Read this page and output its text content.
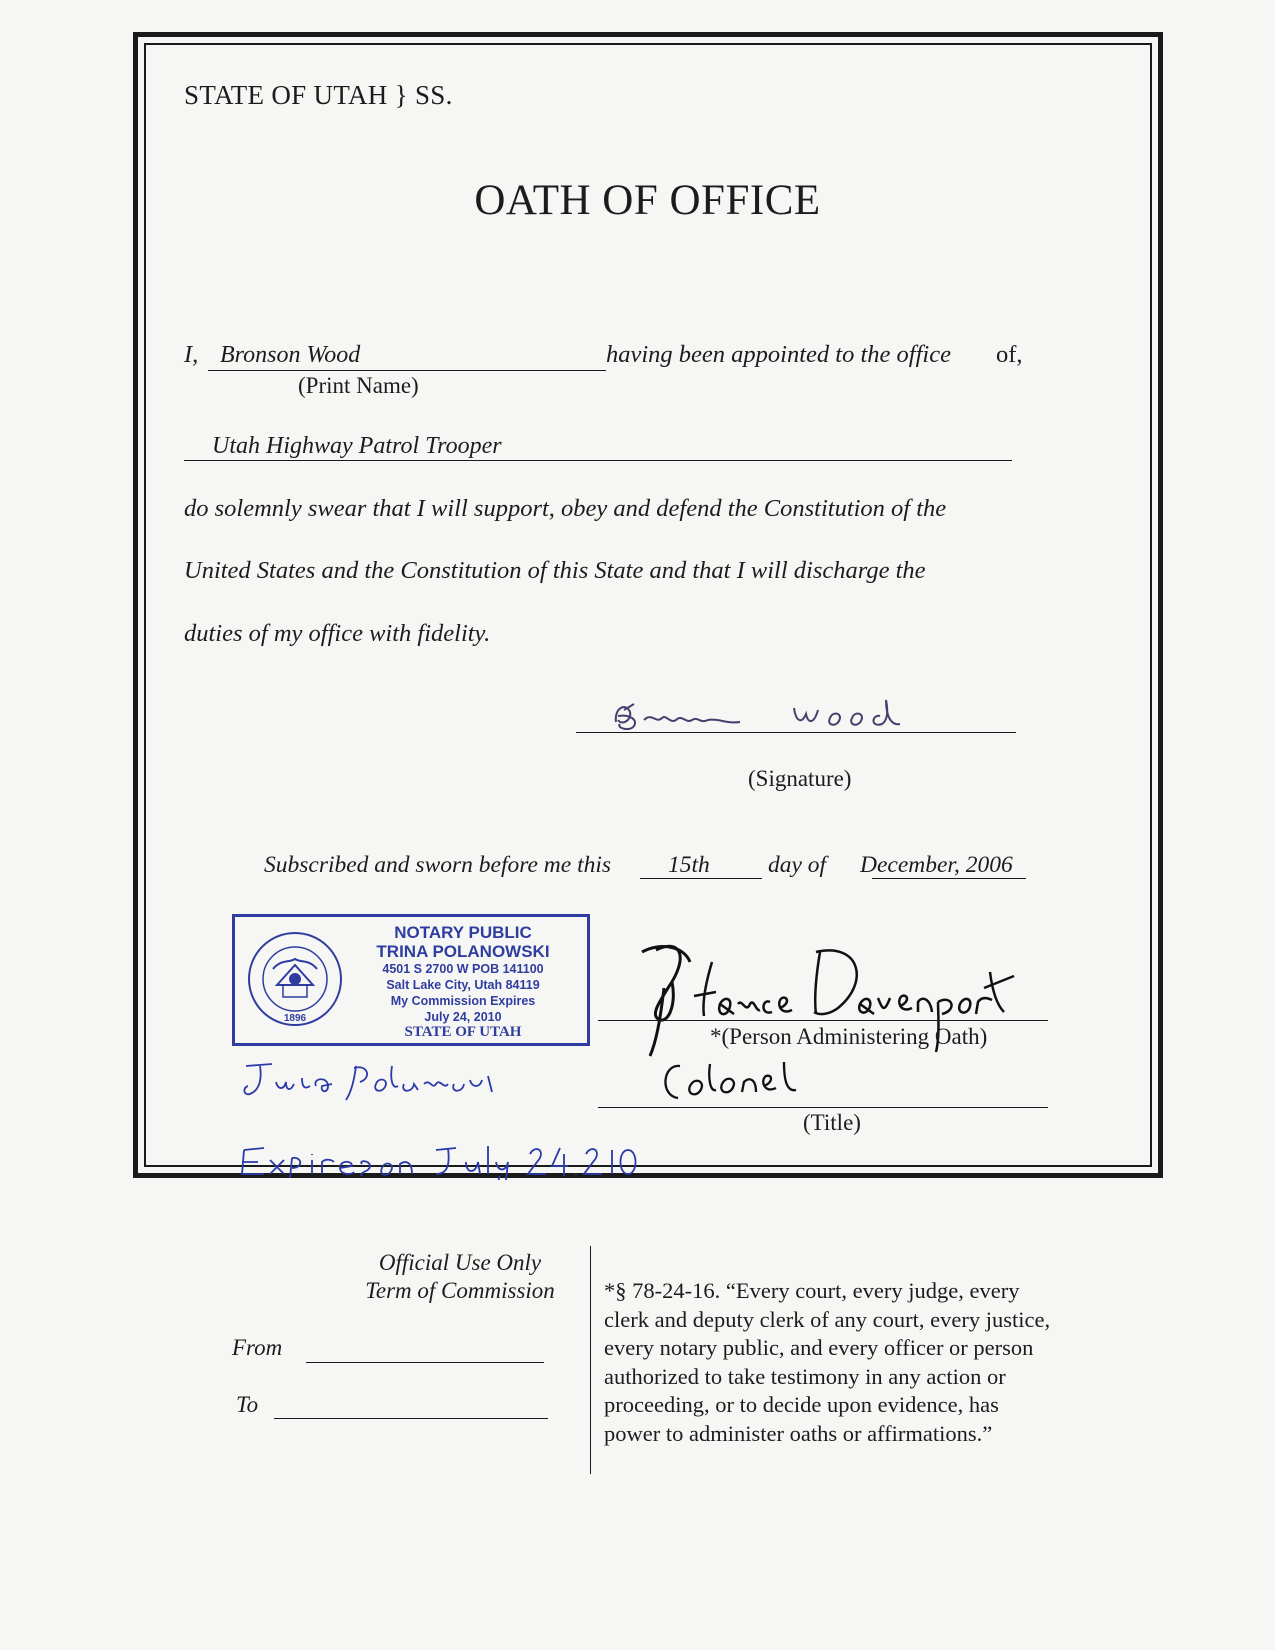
STATE OF UTAH } SS.
OATH OF OFFICE
I, Bronson Wood	having been appointed to the office of,
(Print Name)
Utah Highway Patrol Trooper
do solemnly swear that I will support, obey and defend the Constitution of the
United States and the Constitution of this State and that I will discharge the
duties of my office with fidelity.
(Signature)
Subscribed and sworn before me this 15th day of December, 2006
1896
NOTARY PUBLIC
TRINA POLANOWSKI
4501 S 2700 W POB 141100
Salt Lake City, Utah 84119
My Commission Expires
July 24, 2010
STATE OF UTAH	*(Person Administering Oath)
(Title)
Official Use Only
Term of Commission
From
To
*§ 78-24-16. “Every court, every judge, every
clerk and deputy clerk of any court, every justice,
every notary public, and every officer or person
authorized to take testimony in any action or
proceeding, or to decide upon evidence, has
power to administer oaths or affirmations.”
